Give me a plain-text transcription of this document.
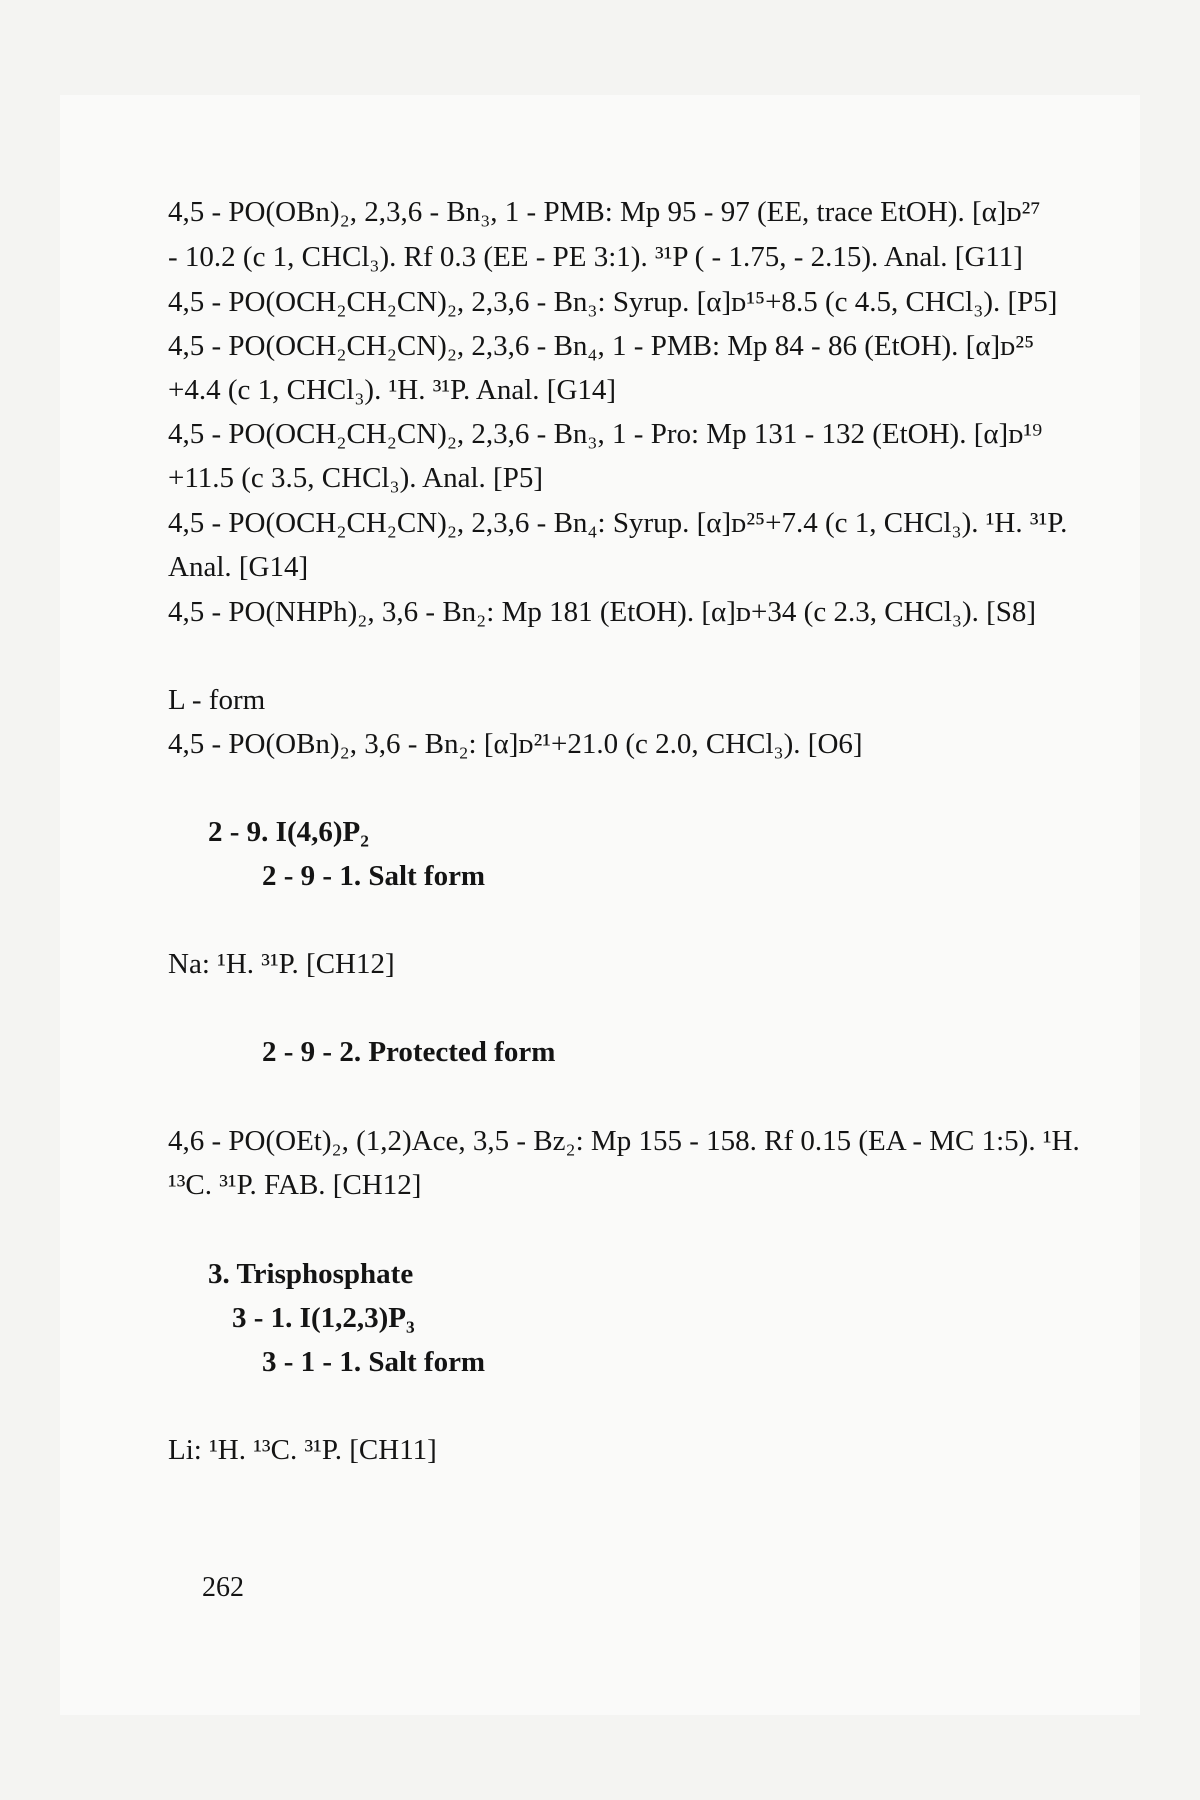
4,5 - PO(OBn)₂, 2,3,6 - Bn₃, 1 - PMB: Mp 95 - 97 (EE, trace EtOH). [α]ᴅ²⁷
- 10.2 (c 1, CHCl₃). Rf 0.3 (EE - PE 3:1). ³¹P ( - 1.75, - 2.15). Anal. [G11]
4,5 - PO(OCH₂CH₂CN)₂, 2,3,6 - Bn₃: Syrup. [α]ᴅ¹⁵+8.5 (c 4.5, CHCl₃). [P5]
4,5 - PO(OCH₂CH₂CN)₂, 2,3,6 - Bn₄, 1 - PMB: Mp 84 - 86 (EtOH). [α]ᴅ²⁵
+4.4 (c 1, CHCl₃). ¹H. ³¹P. Anal. [G14]
4,5 - PO(OCH₂CH₂CN)₂, 2,3,6 - Bn₃, 1 - Pro: Mp 131 - 132 (EtOH). [α]ᴅ¹⁹
+11.5 (c 3.5, CHCl₃). Anal. [P5]
4,5 - PO(OCH₂CH₂CN)₂, 2,3,6 - Bn₄: Syrup. [α]ᴅ²⁵+7.4 (c 1, CHCl₃). ¹H. ³¹P.
Anal. [G14]
4,5 - PO(NHPh)₂, 3,6 - Bn₂: Mp 181 (EtOH). [α]ᴅ+34 (c 2.3, CHCl₃). [S8]
L - form
4,5 - PO(OBn)₂, 3,6 - Bn₂: [α]ᴅ²¹+21.0 (c 2.0, CHCl₃). [O6]
2 - 9. I(4,6)P₂
2 - 9 - 1. Salt form
Na: ¹H. ³¹P. [CH12]
2 - 9 - 2. Protected form
4,6 - PO(OEt)₂, (1,2)Ace, 3,5 - Bz₂: Mp 155 - 158. Rf 0.15 (EA - MC 1:5). ¹H.
¹³C. ³¹P. FAB. [CH12]
3. Trisphosphate
3 - 1. I(1,2,3)P₃
3 - 1 - 1. Salt form
Li: ¹H. ¹³C. ³¹P. [CH11]
262
